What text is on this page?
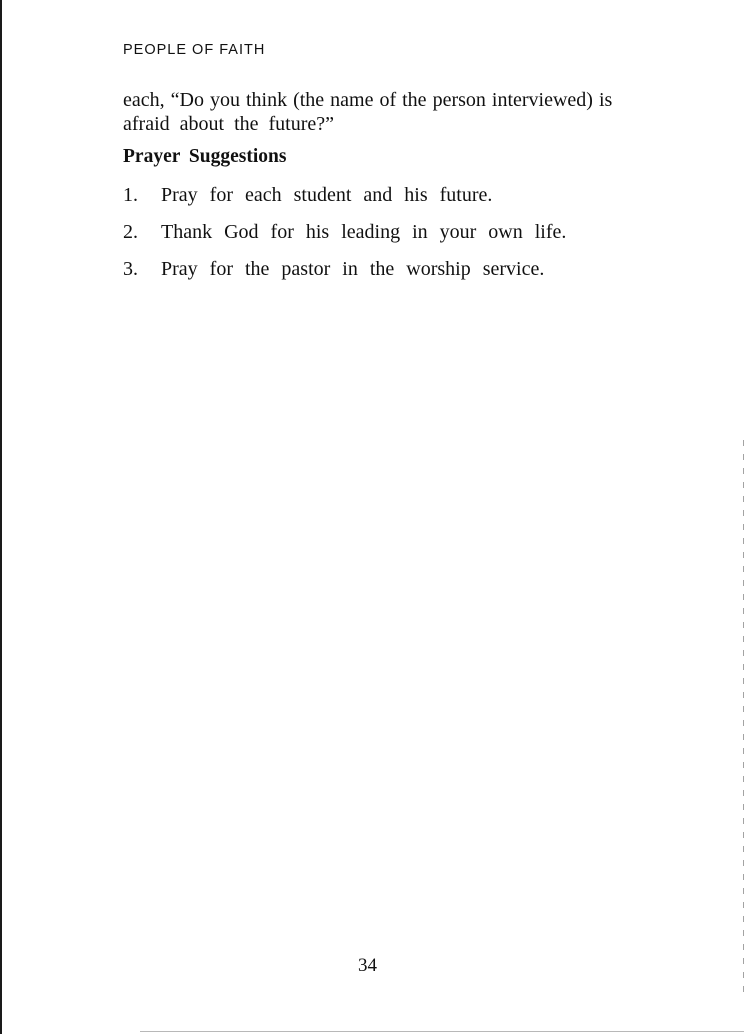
PEOPLE OF FAITH
each, “Do you think (the name of the person interviewed) is
afraid about the future?”
Prayer Suggestions
1. Pray for each student and his future.
2. Thank God for his leading in your own life.
3. Pray for the pastor in the worship service.
34
